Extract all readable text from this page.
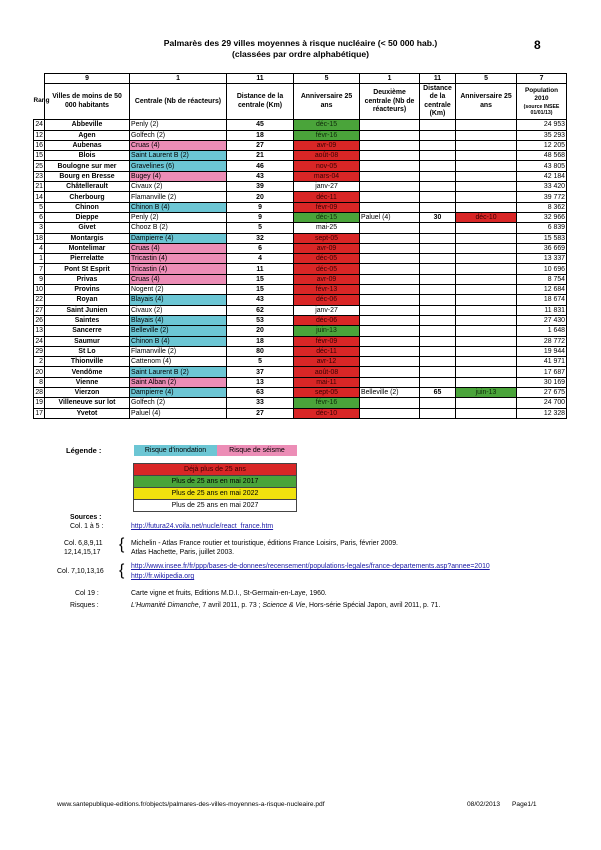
Palmarès des 29 villes moyennes à risque nucléaire (< 50 000 hab.)
(classées par ordre alphabétique)
8
	9	1	11	5	1	11	5	7
Rang	Villes de moins de 50 000 habitants	Centrale (Nb de réacteurs)	Distance de la centrale (Km)	Anniversaire 25 ans	Deuxième centrale (Nb de réacteurs)	Distance de la centrale (Km)	Anniversaire 25 ans	Population 2010
(source INSEE 01/01/13)

24	Abbeville	Penly (2)	45	déc-15				24 953
12	Agen	Golfech (2)	18	févr-16				35 293
16	Aubenas	Cruas (4)	27	avr-09				12 205
15	Blois	Saint Laurent B (2)	21	août-08				48 568
25	Boulogne sur mer	Gravelines (6)	46	nov-05				43 805
23	Bourg en Bresse	Bugey (4)	43	mars-04				42 184
21	Châtellerault	Civaux (2)	39	janv-27				33 420
14	Cherbourg	Flamanville (2)	20	déc-11				39 772
5	Chinon	Chinon B (4)	9	févr-09				8 362
6	Dieppe	Penly (2)	9	déc-15	Paluel (4)	30	déc-10	32 966
3	Givet	Chooz B (2)	5	mai-25				6 839
18	Montargis	Dampierre (4)	32	sept-05				15 583
4	Montelimar	Cruas (4)	6	avr-09				36 669
1	Pierrelatte	Tricastin (4)	4	déc-05				13 337
7	Pont St Esprit	Tricastin (4)	11	déc-05				10 696
9	Privas	Cruas (4)	15	avr-09				8 754
10	Provins	Nogent (2)	15	févr-13				12 684
22	Royan	Blayais (4)	43	déc-06				18 674
27	Saint Junien	Civaux (2)	62	janv-27				11 831
26	Saintes	Blayais (4)	53	déc-06				27 430
13	Sancerre	Belleville (2)	20	juin-13				1 648
24	Saumur	Chinon B (4)	18	févr-09				28 772
29	St Lo	Flamanville (2)	80	déc-11				19 944
2	Thionville	Cattenom (4)	5	avr-12				41 971
20	Vendôme	Saint Laurent B (2)	37	août-08				17 687
8	Vienne	Saint Alban (2)	13	mai-11				30 169
28	Vierzon	Dampierre (4)	63	sept-05	Belleville (2)	65	juin-13	27 675
19	Villeneuve sur lot	Golfech (2)	33	févr-16				24 700
17	Yvetot	Paluel (4)	27	déc-10				12 328
Légende :	Risque d'inondation	Risque de séisme
Déjà plus de 25 ans
Plus de 25 ans en mai 2017
Plus de 25 ans en mai 2022
Plus de 25 ans en mai 2027
Sources :
Col. 1 à 5 :	http://futura24.voila.net/nucle/react_france.htm
Col. 6,8,9,11
12,14,15,17 { Michelin - Atlas France routier et touristique, éditions France Loisirs, Paris, février 2009.
Atlas Hachette, Paris, juillet 2003.
Col. 7,10,13,16 { http://www.insee.fr/fr/ppp/bases-de-donnees/recensement/populations-legales/france-departements.asp?annee=2010
http://fr.wikipedia.org
Col 19 :	Carte vigne et fruits, Editions M.D.I., St-Germain-en-Laye, 1960.
Risques :	L'Humanité Dimanche, 7 avril 2011, p. 73 ; Science & Vie, Hors-série Spécial Japon, avril 2011, p. 71.
www.santepublique-editions.fr/objects/palmares-des-villes-moyennes-a-risque-nucleaire.pdf	08/02/2013 Page1/1
